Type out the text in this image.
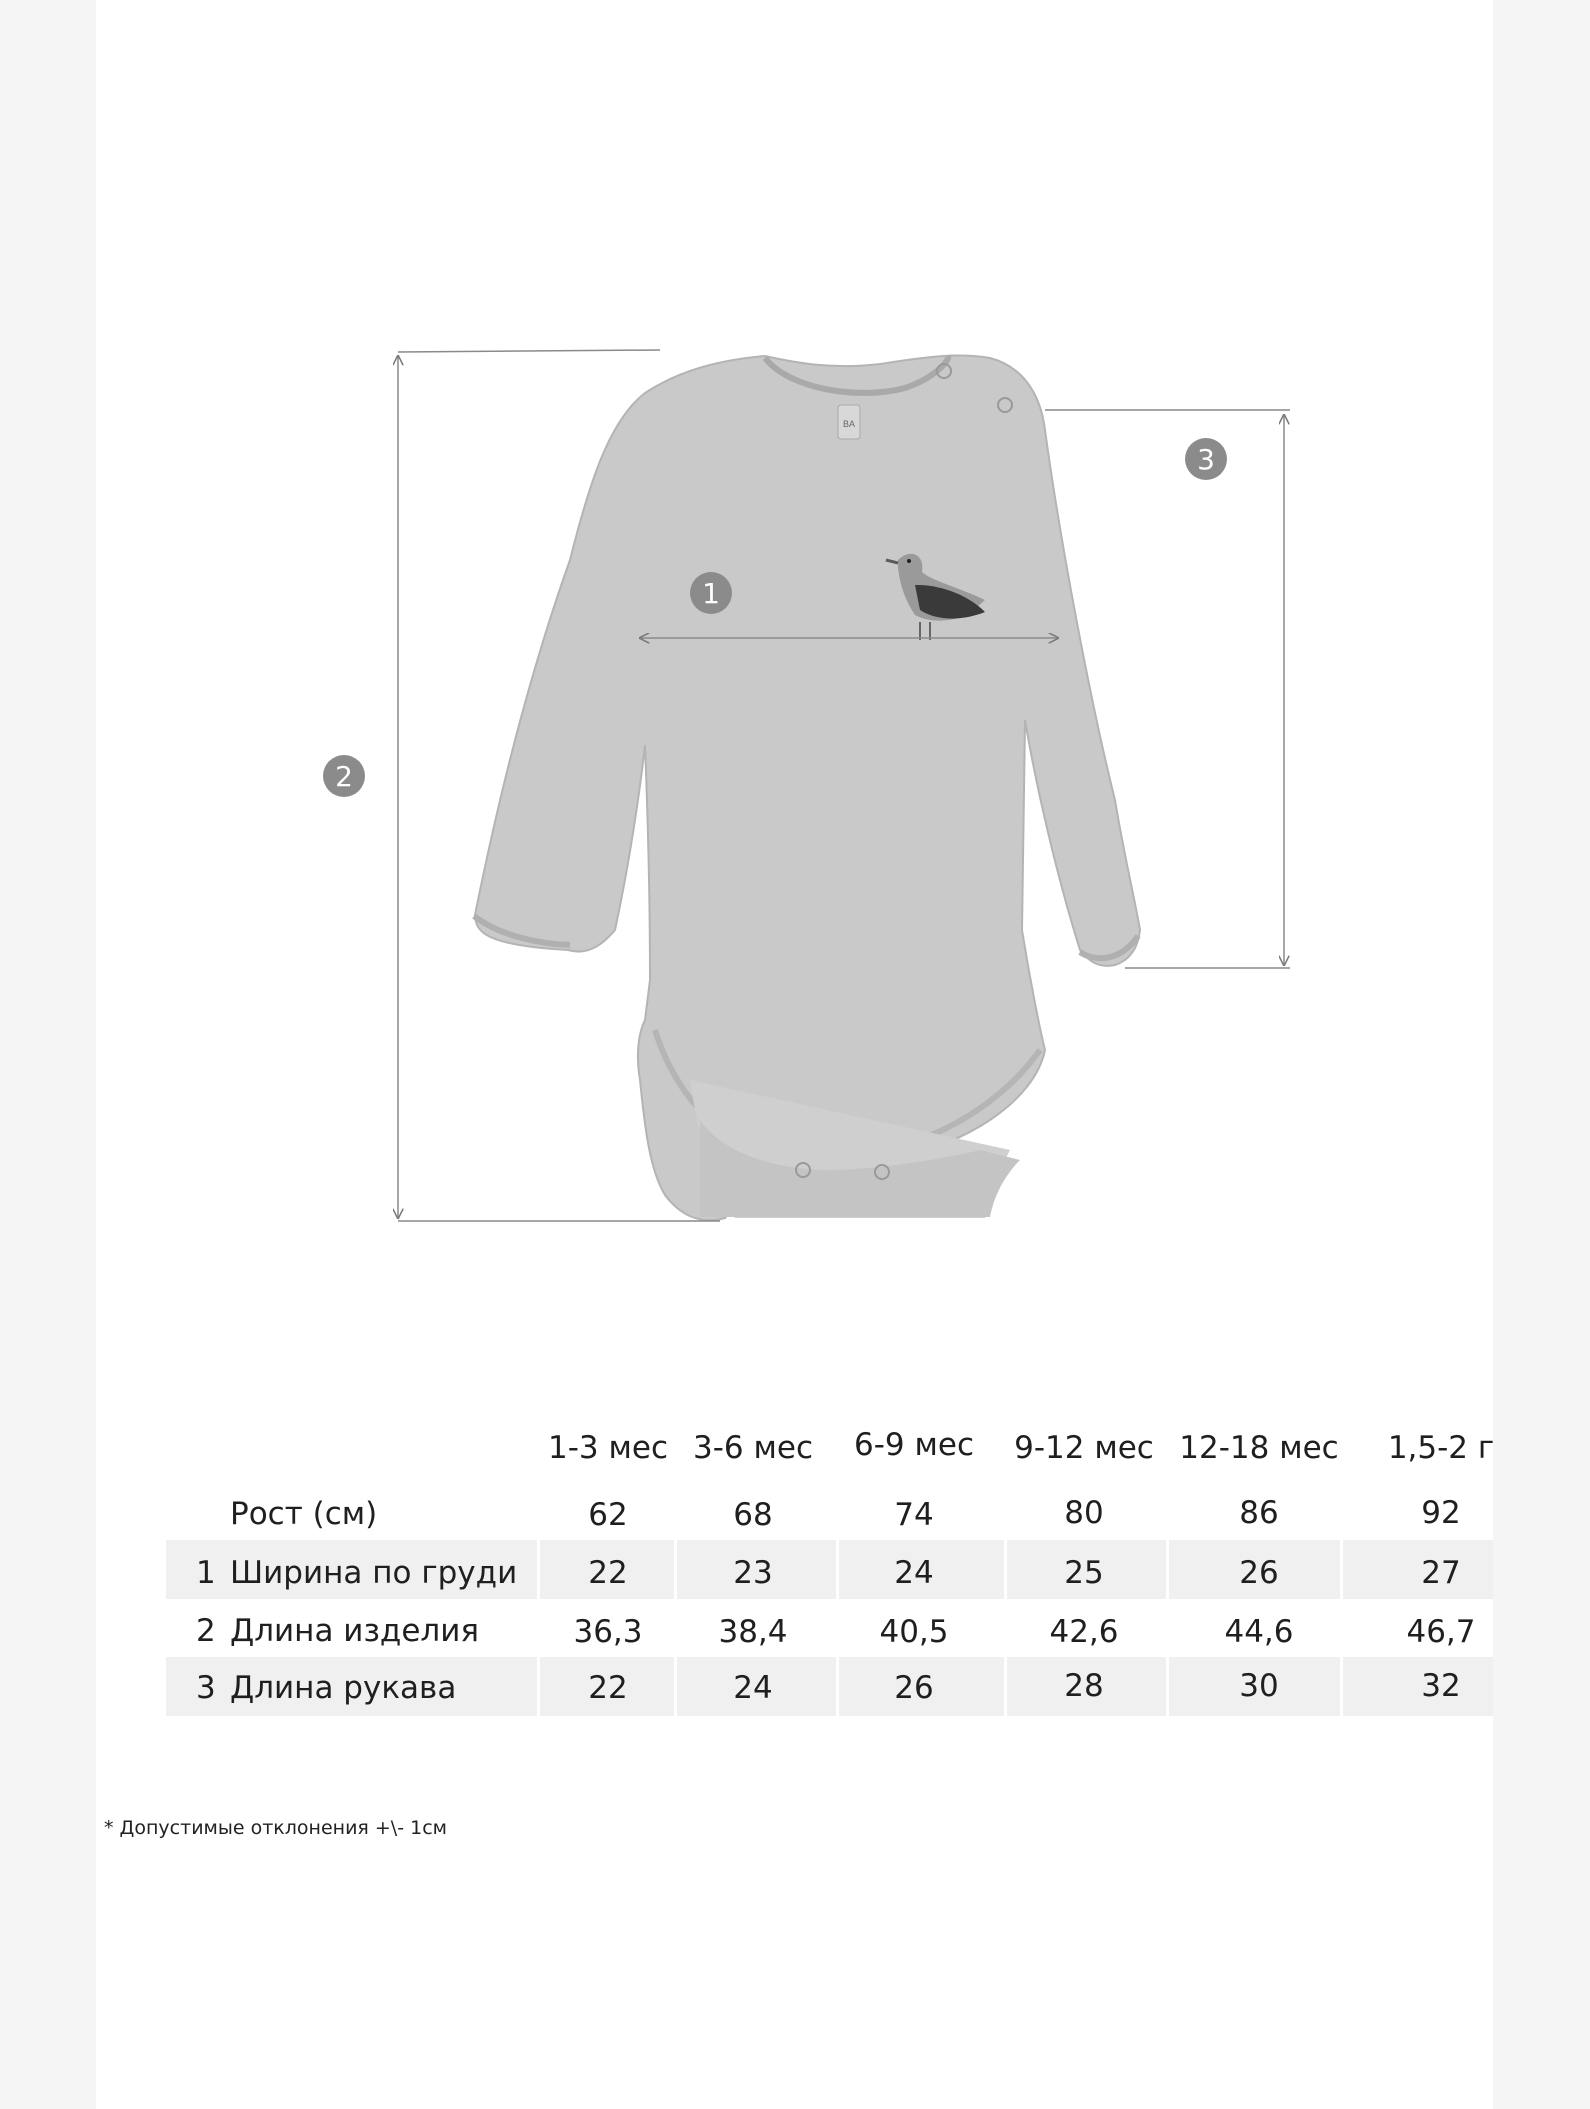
BA
1
2
3
1-3 мес 3-6 мес 6-9 мес 9-12 мес 12-18 мес 1,5-2 г
Рост (см)	62	68	74	80	86	92
1 Ширина по груди 22	23	24	25	26	27
2 Длина изделия	36,3 38,4	40,5	42,6	44,6	46,7
3 Длина рукава	22	24	26	28	30	32
* Допустимые отклонения +\- 1см
